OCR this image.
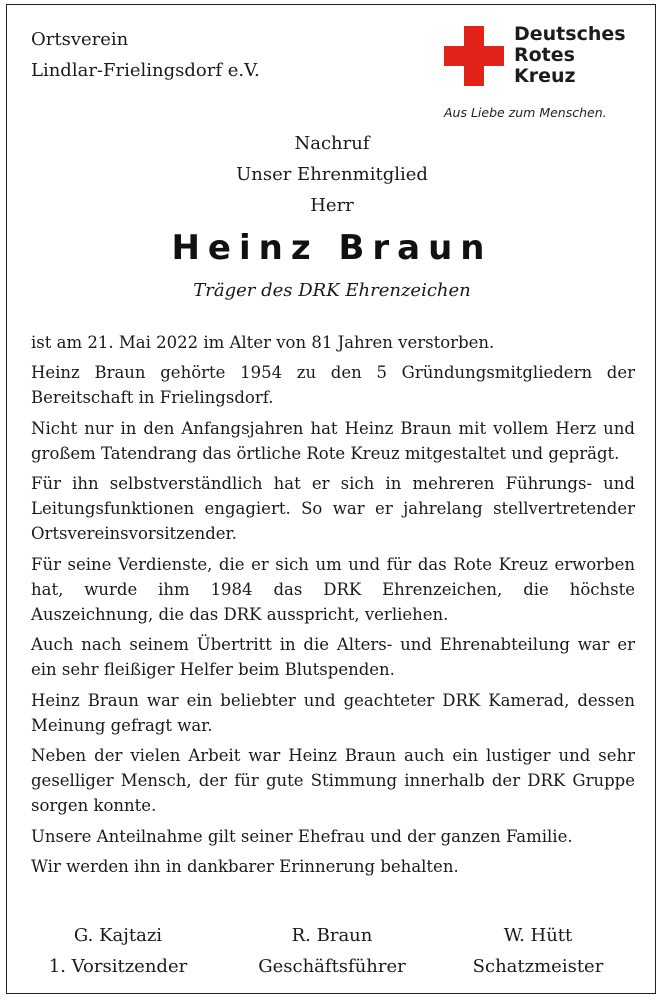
Ortsverein
Lindlar-Frielingsdorf e.V.
Deutsches
Rotes
Kreuz
Aus Liebe zum Menschen.
Nachruf
Unser Ehrenmitglied
Herr
Heinz Braun
Träger des DRK Ehrenzeichen

ist am 21. Mai 2022 im Alter von 81 Jahren verstorben.

Heinz Braun gehörte 1954 zu den 5 Gründungsmitgliedern der Bereitschaft in Frielingsdorf.

Nicht nur in den Anfangsjahren hat Heinz Braun mit vollem Herz und großem Tatendrang das örtliche Rote Kreuz mitgestaltet und geprägt.

Für ihn selbstverständlich hat er sich in mehreren Führungs- und Leitungsfunktionen engagiert. So war er jahrelang stellvertretender Ortsvereinsvorsitzender.

Für seine Verdienste, die er sich um und für das Rote Kreuz erworben hat, wurde ihm 1984 das DRK Ehrenzeichen, die höchste Auszeichnung, die das DRK ausspricht, verliehen.

Auch nach seinem Übertritt in die Alters- und Ehrenabteilung war er ein sehr fleißiger Helfer beim Blutspenden.

Heinz Braun war ein beliebter und geachteter DRK Kamerad, dessen Meinung gefragt war.

Neben der vielen Arbeit war Heinz Braun auch ein lustiger und sehr geselliger Mensch, der für gute Stimmung innerhalb der DRK Gruppe sorgen konnte.

Unsere Anteilnahme gilt seiner Ehefrau und der ganzen Familie.

Wir werden ihn in dankbarer Erinnerung behalten.

G. Kajtazi
1. Vorsitzender
R. Braun
Geschäftsführer
W. Hütt
Schatzmeister
